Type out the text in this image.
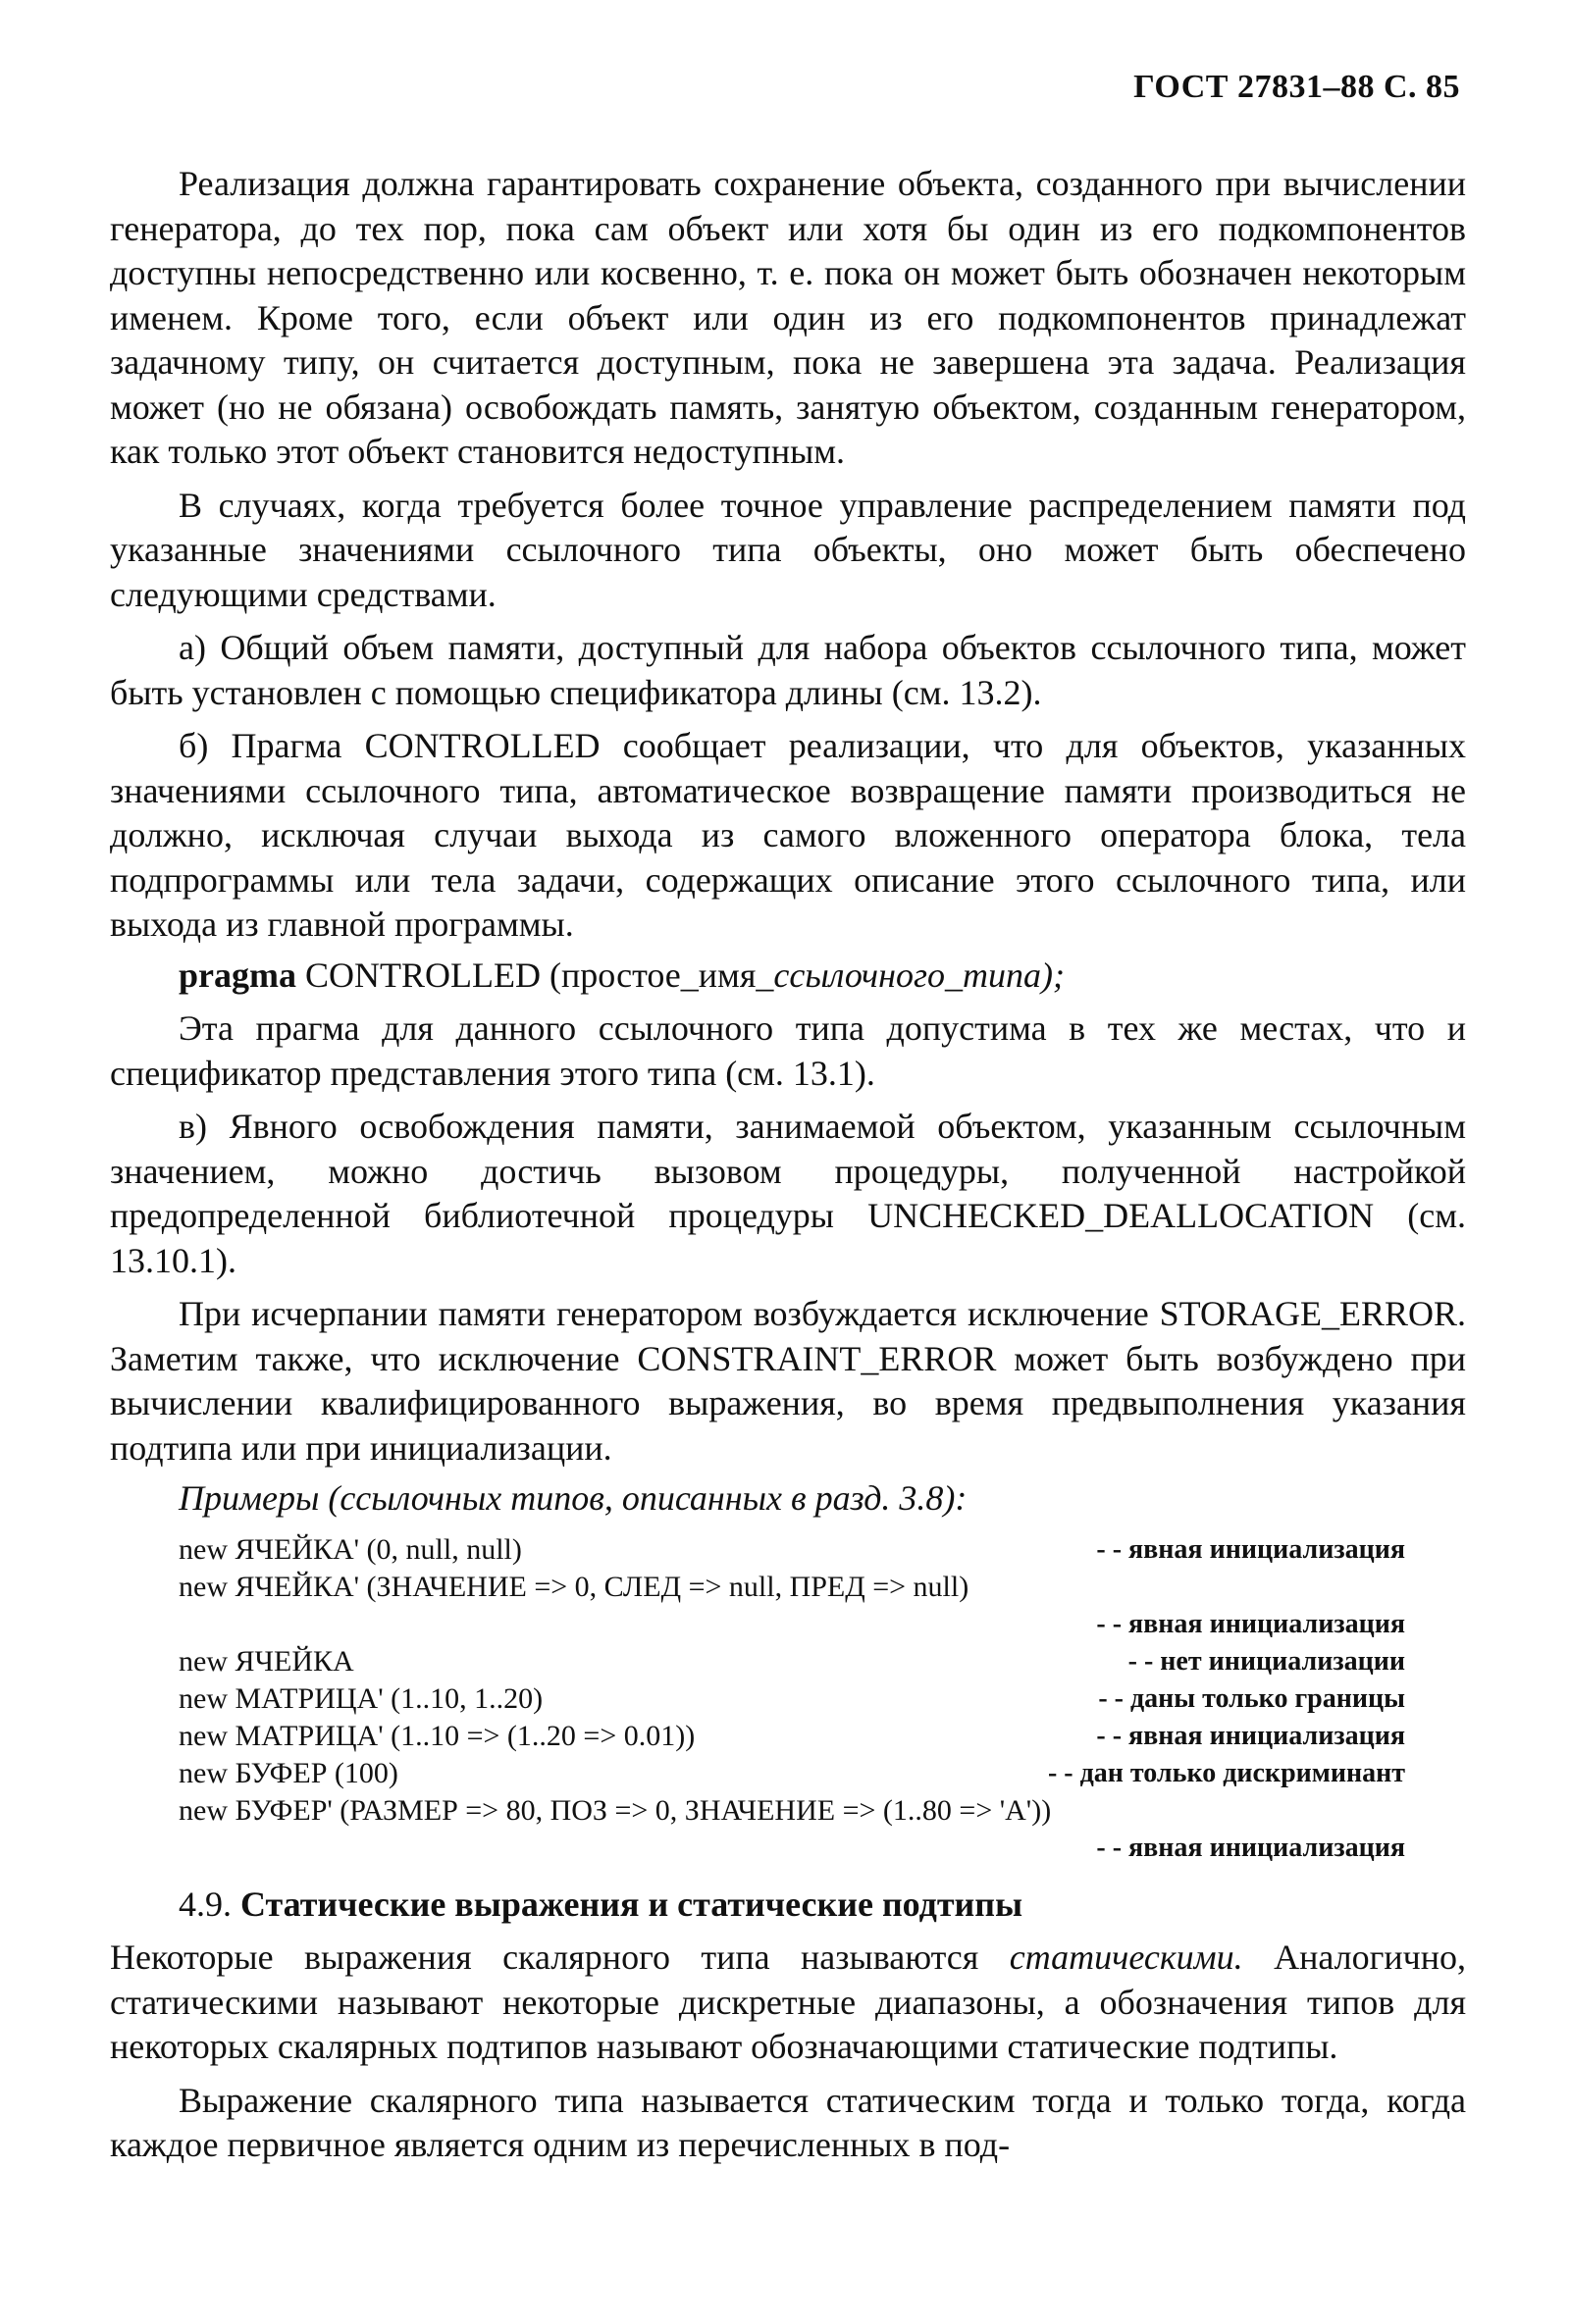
ГОСТ 27831–88 С. 85

Реализация должна гарантировать сохранение объекта, созданного при вычислении генератора, до тех пор, пока сам объект или хотя бы один из его подкомпонентов доступны непосредственно или косвенно, т. е. пока он может быть обозначен некоторым именем. Кроме того, если объект или один из его подкомпонентов принадлежат задачному типу, он считается доступным, пока не завершена эта задача. Реализация может (но не обязана) освобождать память, занятую объектом, созданным генератором, как только этот объект становится недоступным.

В случаях, когда требуется более точное управление распределением памяти под указанные значениями ссылочного типа объекты, оно может быть обеспечено следующими средствами.

а) Общий объем памяти, доступный для набора объектов ссылочного типа, может быть установлен с помощью спецификатора длины (см. 13.2).

б) Прагма CONTROLLED сообщает реализации, что для объектов, указанных значениями ссылочного типа, автоматическое возвращение памяти производиться не должно, исключая случаи выхода из самого вложенного оператора блока, тела подпрограммы или тела задачи, содержащих описание этого ссылочного типа, или выхода из главной программы.

pragma CONTROLLED (простое_имя_ссылочного_типа);

Эта прагма для данного ссылочного типа допустима в тех же местах, что и спецификатор представления этого типа (см. 13.1).

в) Явного освобождения памяти, занимаемой объектом, указанным ссылочным значением, можно достичь вызовом процедуры, полученной настройкой предопределенной библиотечной процедуры UNCHECKED_DEALLOCATION (см. 13.10.1).

При исчерпании памяти генератором возбуждается исключение STORAGE_ERROR. Заметим также, что исключение CONSTRAINT_ERROR может быть возбуждено при вычислении квалифицированного выражения, во время предвыполнения указания подтипа или при инициализации.

Примеры (ссылочных типов, описанных в разд. 3.8):
new ЯЧЕЙКА' (0, null, null)	- - явная инициализация
new ЯЧЕЙКА' (ЗНАЧЕНИЕ => 0, СЛЕД => null, ПРЕД => null)
- - явная инициализация
new ЯЧЕЙКА	- - нет инициализации
new МАТРИЦА' (1..10, 1..20)	- - даны только границы
new МАТРИЦА' (1..10 => (1..20 => 0.01))	- - явная инициализация
new БУФЕР (100)	- - дан только дискриминант
new БУФЕР' (РАЗМЕР => 80, ПОЗ => 0, ЗНАЧЕНИЕ => (1..80 => 'A'))
- - явная инициализация
4.9. Статические выражения и статические подтипы

Некоторые выражения скалярного типа называются статическими. Аналогично, статическими называют некоторые дискретные диапазоны, а обозначения типов для некоторых скалярных подтипов называют обозначающими статические подтипы.

Выражение скалярного типа называется статическим тогда и только тогда, когда каждое первичное является одним из перечисленных в под-
